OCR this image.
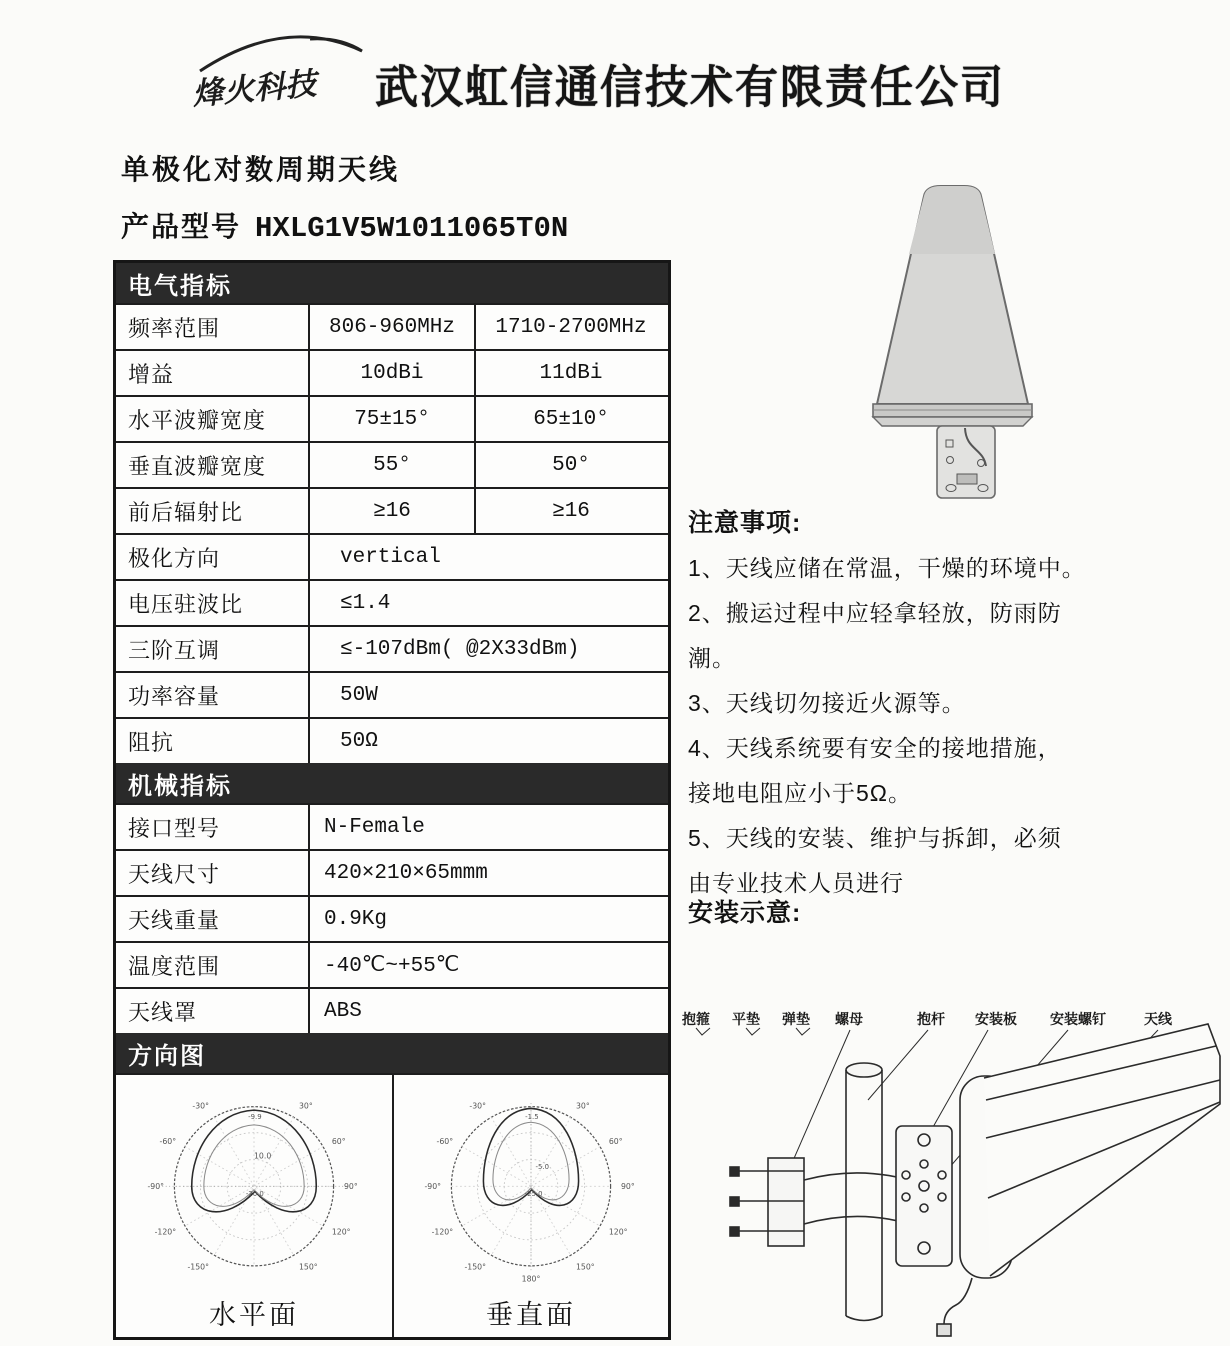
烽火科技 武汉虹信通信技术有限责任公司
单极化对数周期天线
产品型号 HXLG1V5W1011065T0N
电气指标
频率范围	806-960MHz	1710-2700MHz
增益	10dBi	11dBi
水平波瓣宽度	75±15°	65±10°
垂直波瓣宽度	55°	50°
前后辐射比	≥16	≥16
极化方向	vertical
电压驻波比	≤1.4
三阶互调	≤-107dBm( @2X33dBm)
功率容量	50W
阻抗	50Ω
机械指标
接口型号	N-Female
天线尺寸	420×210×65mmm
天线重量	0.9Kg
温度范围	-40℃~+55℃
天线罩	ABS
方向图
-30°	30°
-60°	60°
-90°	90°
-120°	120°
-150°	150°
-9.9
10.0
-20.0
水平面
-30°	30°
-60°	60°
-90°	90°
-120°	120°
-150°	150°
180°
-1.5
-5.0
-25.0
垂直面
注意事项:
1、天线应储在常温，干燥的环境中。
2、搬运过程中应轻拿轻放，防雨防
潮。
3、天线切勿接近火源等。
4、天线系统要有安全的接地措施，
接地电阻应小于5Ω。
5、天线的安装、维护与拆卸，必须
由专业技术人员进行
安装示意:
抱箍 平垫 弹垫 螺母	抱杆 安装板 安装螺钉	天线
